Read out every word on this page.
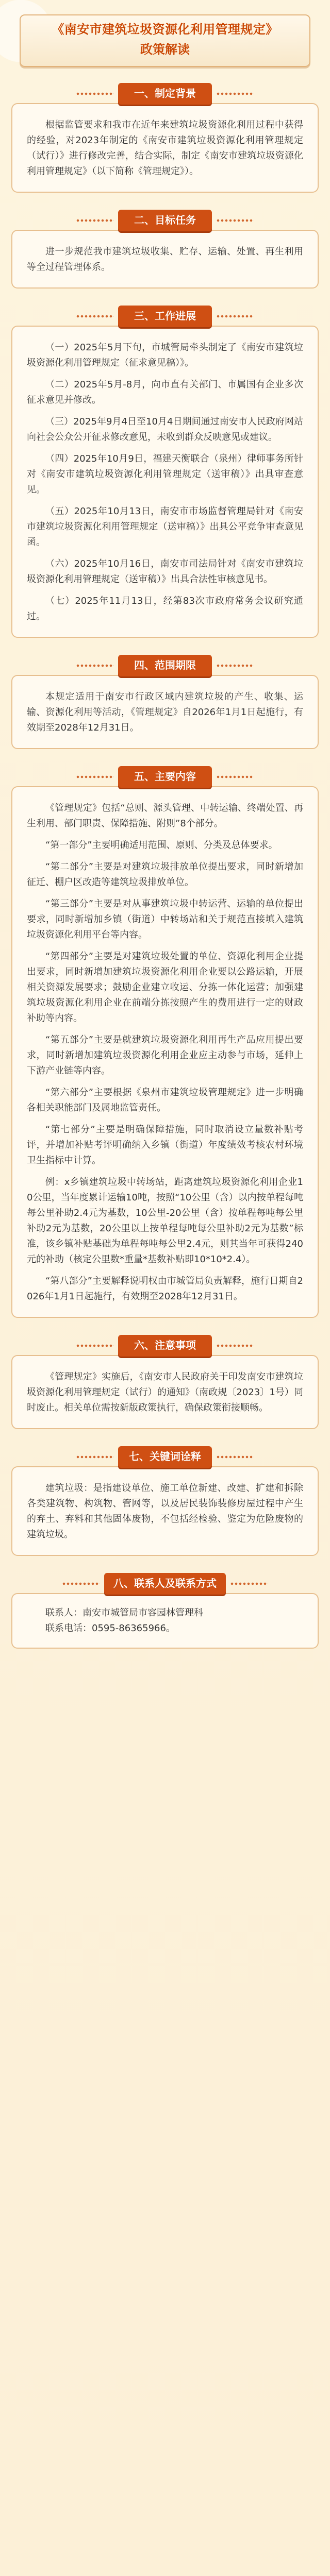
《南安市建筑垃圾资源化利用管理规定》

政策解读

一、制定背景

根据监管要求和我市在近年来建筑垃圾资源化利用过程中获得的经验，对2023年制定的《南安市建筑垃圾资源化利用管理规定（试行）》进行修改完善，结合实际，制定《南安市建筑垃圾资源化利用管理规定》（以下简称《管理规定》）。

二、目标任务

进一步规范我市建筑垃圾收集、贮存、运输、处置、再生利用等全过程管理体系。

三、工作进展

（一）2025年5月下旬，市城管局牵头制定了《南安市建筑垃圾资源化利用管理规定（征求意见稿）》。

（二）2025年5月-8月，向市直有关部门、市属国有企业多次征求意见并修改。

（三）2025年9月4日至10月4日期间通过南安市人民政府网站向社会公众公开征求修改意见，未收到群众反映意见或建议。

（四）2025年10月9日，福建天衡联合（泉州）律师事务所针对《南安市建筑垃圾资源化利用管理规定（送审稿）》出具审查意见。

（五）2025年10月13日，南安市市场监督管理局针对《南安市建筑垃圾资源化利用管理规定（送审稿）》出具公平竞争审查意见函。

（六）2025年10月16日，南安市司法局针对《南安市建筑垃圾资源化利用管理规定（送审稿）》出具合法性审核意见书。

（七）2025年11月13日，经第83次市政府常务会议研究通过。

四、范围期限

本规定适用于南安市行政区域内建筑垃圾的产生、收集、运输、资源化利用等活动，《管理规定》自2026年1月1日起施行，有效期至2028年12月31日。

五、主要内容

《管理规定》包括“总则、源头管理、中转运输、终端处置、再生利用、部门职责、保障措施、附则”8个部分。

“第一部分”主要明确适用范围、原则、分类及总体要求。

“第二部分”主要是对建筑垃圾排放单位提出要求，同时新增加征迁、棚户区改造等建筑垃圾排放单位。

“第三部分”主要是对从事建筑垃圾中转运营、运输的单位提出要求，同时新增加乡镇（街道）中转场站和关于规范直接填入建筑垃圾资源化利用平台等内容。

“第四部分”主要是对建筑垃圾处置的单位、资源化利用企业提出要求，同时新增加建筑垃圾资源化利用企业要以公路运输，开展相关资源发展要求；鼓励企业建立收运、分拣一体化运营；加强建筑垃圾资源化利用企业在前端分拣按照产生的费用进行一定的财政补助等内容。

“第五部分”主要是就建筑垃圾资源化利用再生产品应用提出要求，同时新增加建筑垃圾资源化利用企业应主动参与市场，延伸上下游产业链等内容。

“第六部分”主要根据《泉州市建筑垃圾管理规定》进一步明确各相关职能部门及属地监管责任。

“第七部分”主要是明确保障措施，同时取消设立量数补贴考评，并增加补贴考评明确纳入乡镇（街道）年度绩效考核农村环境卫生指标中计算。

例：x乡镇建筑垃圾中转场站，距离建筑垃圾资源化利用企业10公里，当年度累计运输10吨，按照“10公里（含）以内按单程每吨每公里补助2.4元为基数，10公里-20公里（含）按单程每吨每公里补助2元为基数，20公里以上按单程每吨每公里补助2元为基数”标准，该乡镇补贴基础为单程每吨每公里2.4元，则其当年可获得240元的补助（核定公里数*重量*基数补贴即10*10*2.4）。

“第八部分”主要解释说明权由市城管局负责解释，施行日期自2026年1月1日起施行，有效期至2028年12月31日。

六、注意事项

《管理规定》实施后，《南安市人民政府关于印发南安市建筑垃圾资源化利用管理规定（试行）的通知》（南政规〔2023〕1号）同时废止。相关单位需按新版政策执行，确保政策衔接顺畅。

七、关键词诠释

建筑垃圾：是指建设单位、施工单位新建、改建、扩建和拆除各类建筑物、构筑物、管网等，以及居民装饰装修房屋过程中产生的弃土、弃料和其他固体废物，不包括经检验、鉴定为危险废物的建筑垃圾。

八、联系人及联系方式

联系人：南安市城管局市容园林管理科

联系电话：0595-86365966。
